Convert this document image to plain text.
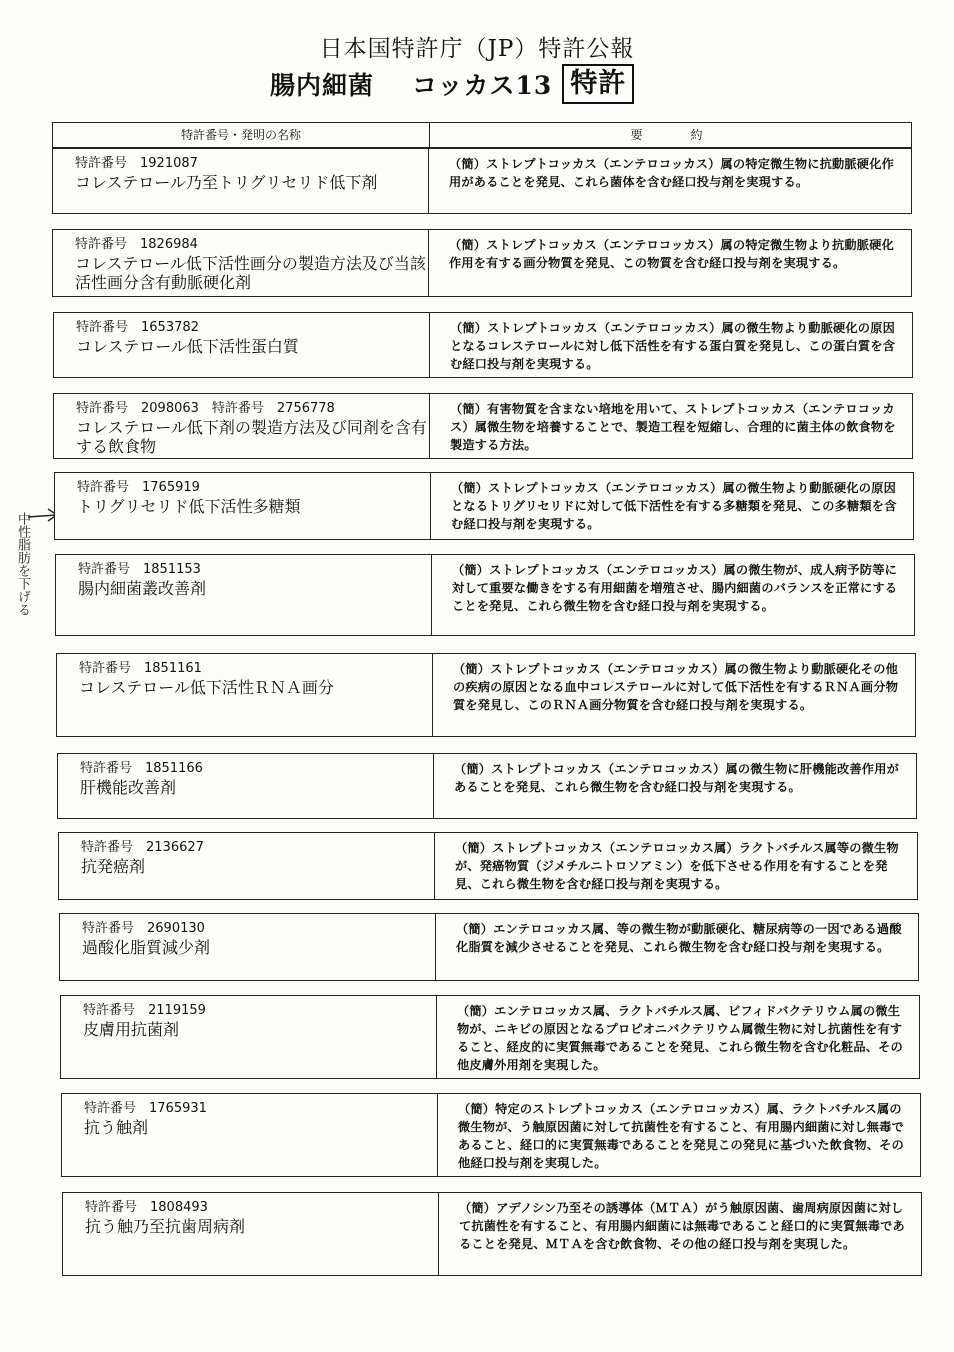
日本国特許庁（JP）特許公報
腸内細菌 コッカス13 特許
特許番号・発明の名称	要約
中性脂肪を下げる
特許番号　1921087
コレステロール乃至トリグリセリド低下剤
（簡）ストレプトコッカス（エンテロコッカス）属の特定微生物に抗動脈硬化作用があることを発見、これら菌体を含む経口投与剤を実現する。
特許番号　1826984
コレステロール低下活性画分の製造方法及び当該活性画分含有動脈硬化剤
（簡）ストレプトコッカス（エンテロコッカス）属の特定微生物より抗動脈硬化作用を有する画分物質を発見、この物質を含む経口投与剤を実現する。
特許番号　1653782
コレステロール低下活性蛋白質
（簡）ストレプトコッカス（エンテロコッカス）属の微生物より動脈硬化の原因となるコレステロールに対し低下活性を有する蛋白質を発見し、この蛋白質を含む経口投与剤を実現する。
特許番号　2098063　特許番号　2756778
コレステロール低下剤の製造方法及び同剤を含有する飲食物
（簡）有害物質を含まない培地を用いて、ストレプトコッカス（エンテロコッカス）属微生物を培養することで、製造工程を短縮し、合理的に菌主体の飲食物を製造する方法。
特許番号　1765919
トリグリセリド低下活性多糖類
（簡）ストレプトコッカス（エンテロコッカス）属の微生物より動脈硬化の原因となるトリグリセリドに対して低下活性を有する多糖類を発見、この多糖類を含む経口投与剤を実現する。
特許番号　1851153
腸内細菌叢改善剤
（簡）ストレプトコッカス（エンテロコッカス）属の微生物が、成人病予防等に対して重要な働きをする有用細菌を増殖させ、腸内細菌のバランスを正常にすることを発見、これら微生物を含む経口投与剤を実現する。
特許番号　1851161
コレステロール低下活性ＲＮＡ画分
（簡）ストレプトコッカス（エンテロコッカス）属の微生物より動脈硬化その他の疾病の原因となる血中コレステロールに対して低下活性を有するＲＮＡ画分物質を発見し、このＲＮＡ画分物質を含む経口投与剤を実現する。
特許番号　1851166
肝機能改善剤
（簡）ストレプトコッカス（エンテロコッカス）属の微生物に肝機能改善作用があることを発見、これら微生物を含む経口投与剤を実現する。
特許番号　2136627
抗発癌剤
（簡）ストレプトコッカス（エンテロコッカス属）ラクトバチルス属等の微生物が、発癌物質（ジメチルニトロソアミン）を低下させる作用を有することを発見、これら微生物を含む経口投与剤を実現する。
特許番号　2690130
過酸化脂質減少剤
（簡）エンテロコッカス属、等の微生物が動脈硬化、糖尿病等の一因である過酸化脂質を減少させることを発見、これら微生物を含む経口投与剤を実現する。
特許番号　2119159
皮膚用抗菌剤
（簡）エンテロコッカス属、ラクトバチルス属、ビフィドバクテリウム属の微生物が、ニキビの原因となるプロピオニバクテリウム属微生物に対し抗菌性を有すること、経皮的に実質無毒であることを発見、これら微生物を含む化粧品、その他皮膚外用剤を実現した。
特許番号　1765931
抗う触剤
（簡）特定のストレプトコッカス（エンテロコッカス）属、ラクトバチルス属の微生物が、う触原因菌に対して抗菌性を有すること、有用腸内細菌に対し無毒であること、経口的に実質無毒であることを発見この発見に基づいた飲食物、その他経口投与剤を実現した。
特許番号　1808493
抗う触乃至抗歯周病剤
（簡）アデノシン乃至その誘導体（ＭＴＡ）がう触原因菌、歯周病原因菌に対して抗菌性を有すること、有用腸内細菌には無毒であること経口的に実質無毒であることを発見、ＭＴＡを含む飲食物、その他の経口投与剤を実現した。
